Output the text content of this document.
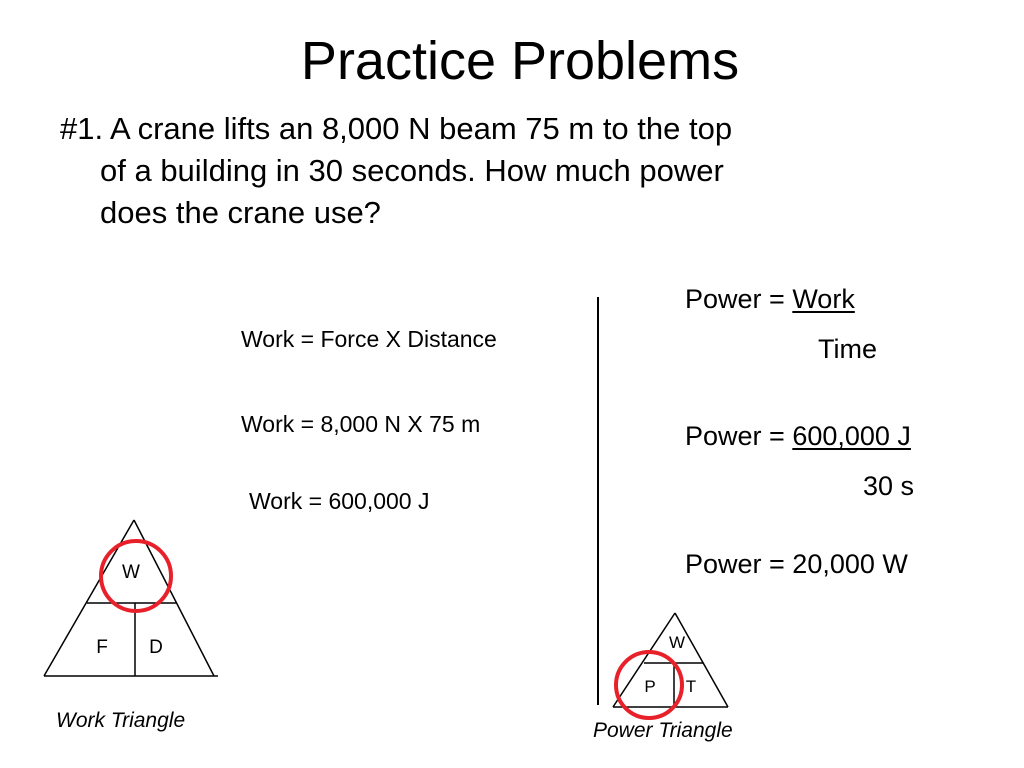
Practice Problems
#1. A crane lifts an 8,000 N beam 75 m to the top
of a building in 30 seconds. How much power
does the crane use?
Work = Force X Distance
Work = 8,000 N X 75 m
Work = 600,000 J
Power = Work
Time
Power = 600,000 J
30 s
Power = 20,000 W
W
F D
Work Triangle
W
P T
Power Triangle
